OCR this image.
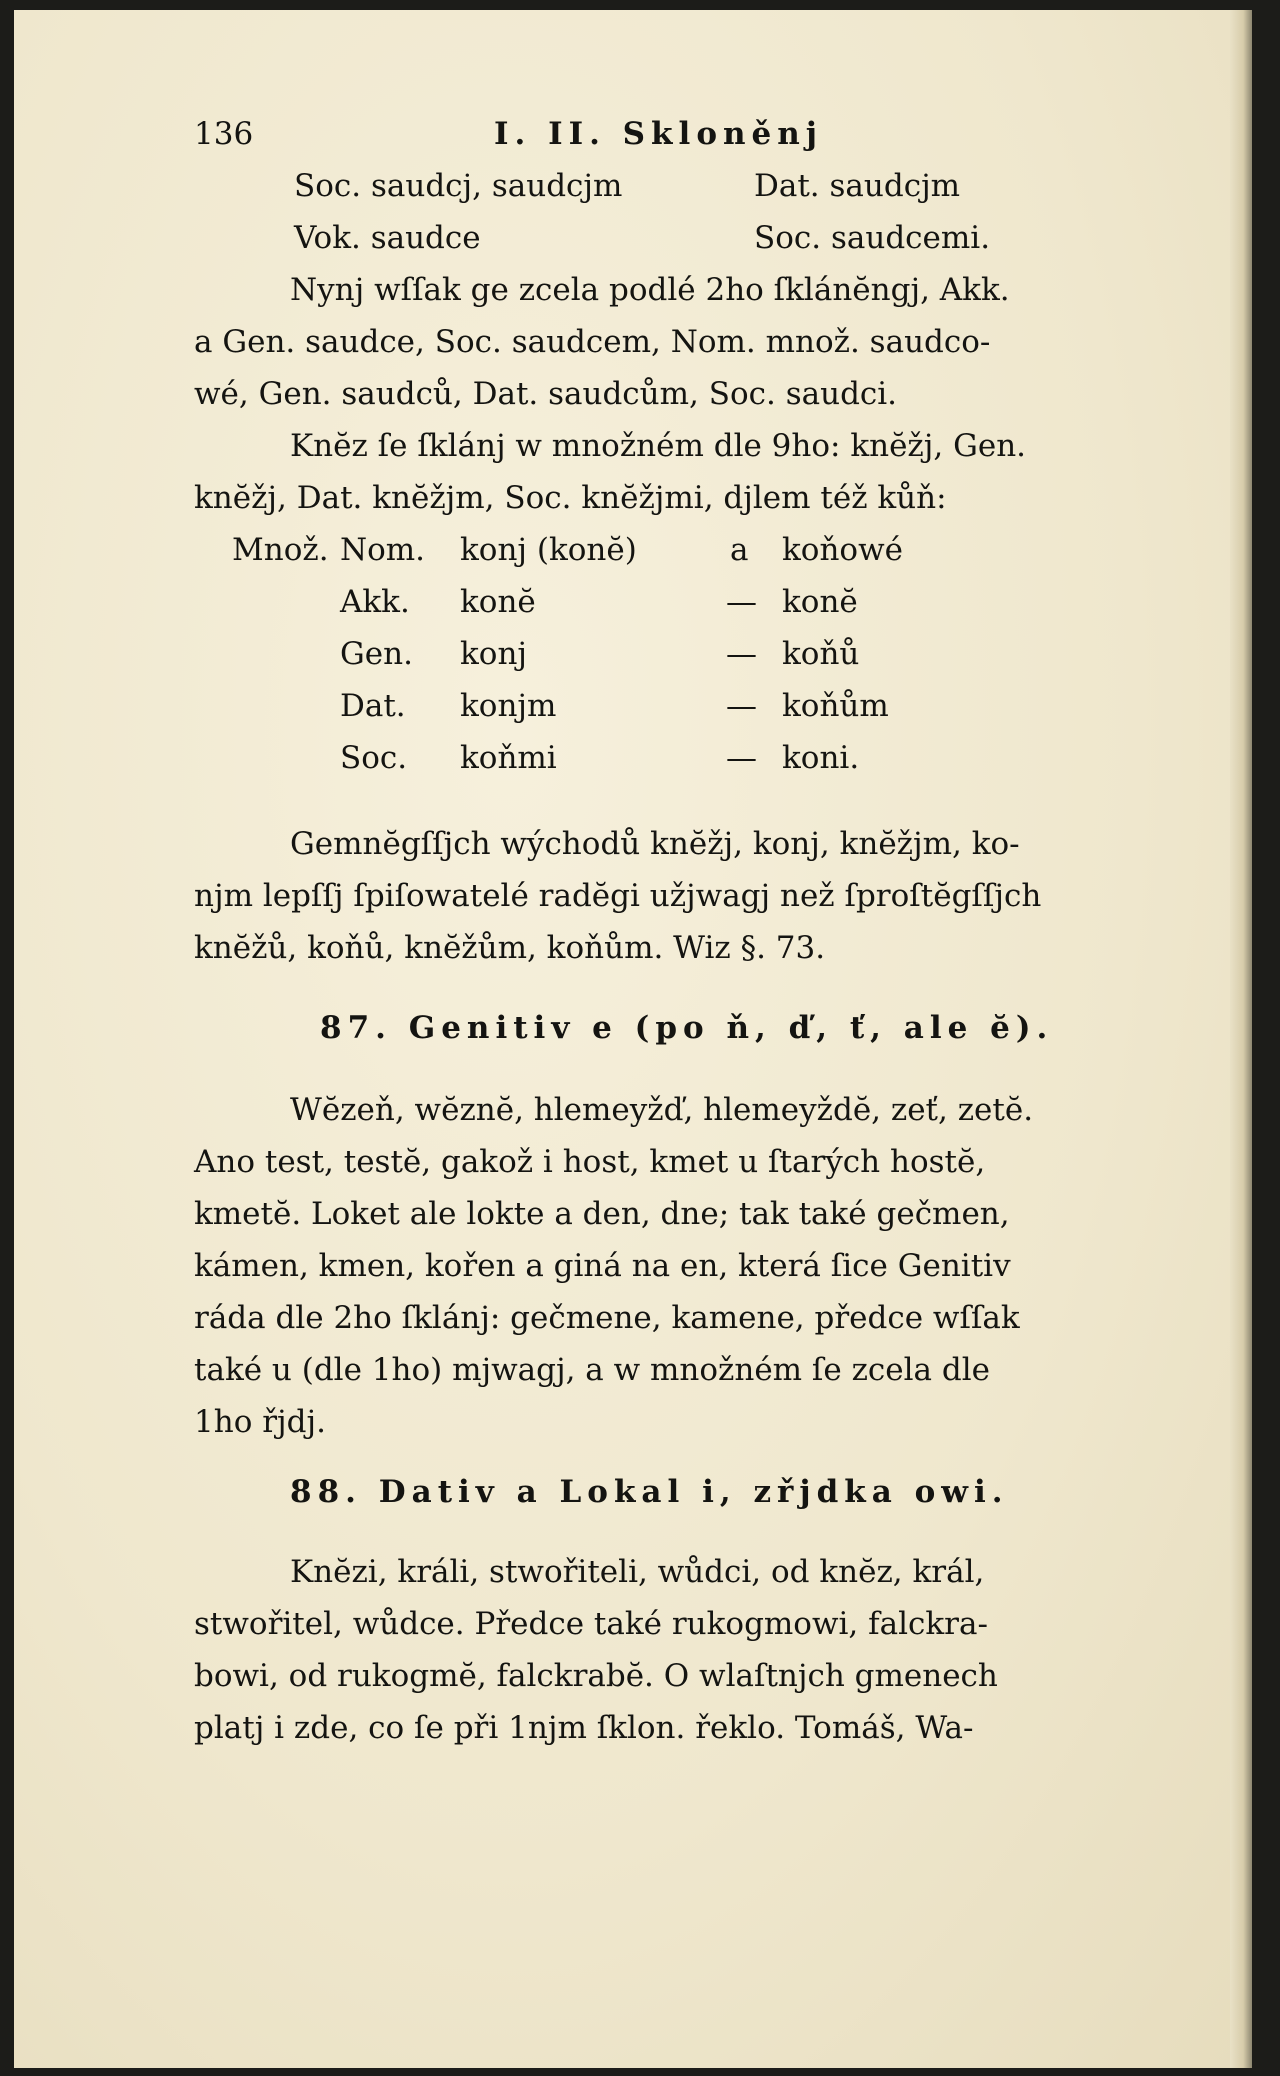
136	I. II. Skloněnj
Soc. saudcj, saudcjm	Dat. saudcjm
Vok. saudce	Soc. saudcemi.
Nynj wſſak ge zcela podlé 2ho ſklánĕngj, Akk.
a Gen. saudce, Soc. saudcem, Nom. množ. saudco-
wé, Gen. saudců, Dat. saudcům, Soc. saudci.
Knĕz ſe ſklánj w množném dle 9ho: knĕžj, Gen.
knĕžj, Dat. knĕžjm, Soc. knĕžjmi, djlem též kůň:
Množ. Nom. konj (konĕ)	a koňowé
Akk. konĕ	— konĕ
Gen. konj	— koňů
Dat. konjm	— koňům
Soc. koňmi	— koni.
Gemnĕgſſjch wýchodů knĕžj, konj, knĕžjm, ko-
njm lepſſj ſpiſowatelé radĕgi užjwagj než ſproſtĕgſſjch
knĕžů, koňů, knĕžům, koňům. Wiz §. 73.
87. Genitiv e (po ň, ď, ť, ale ĕ).
Wĕzeň, wĕznĕ, hlemeyžď, hlemeyždĕ, zeť, zetĕ.
Ano test, testĕ, gakož i host, kmet u ſtarých hostĕ,
kmetĕ. Loket ale lokte a den, dne; tak také gečmen,
kámen, kmen, kořen a giná na en, která ſice Genitiv
ráda dle 2ho ſklánj: gečmene, kamene, předce wſſak
také u (dle 1ho) mjwagj, a w množném ſe zcela dle
1ho řjdj.
88. Dativ a Lokal i, zřjdka owi.
Knĕzi, králi, stwořiteli, wůdci, od knĕz, král,
stwořitel, wůdce. Předce také rukogmowi, falckra-
bowi, od rukogmĕ, falckrabĕ. O wlaſtnjch gmenech
platj i zde, co ſe při 1njm ſklon. řeklo. Tomáš, Wa-
